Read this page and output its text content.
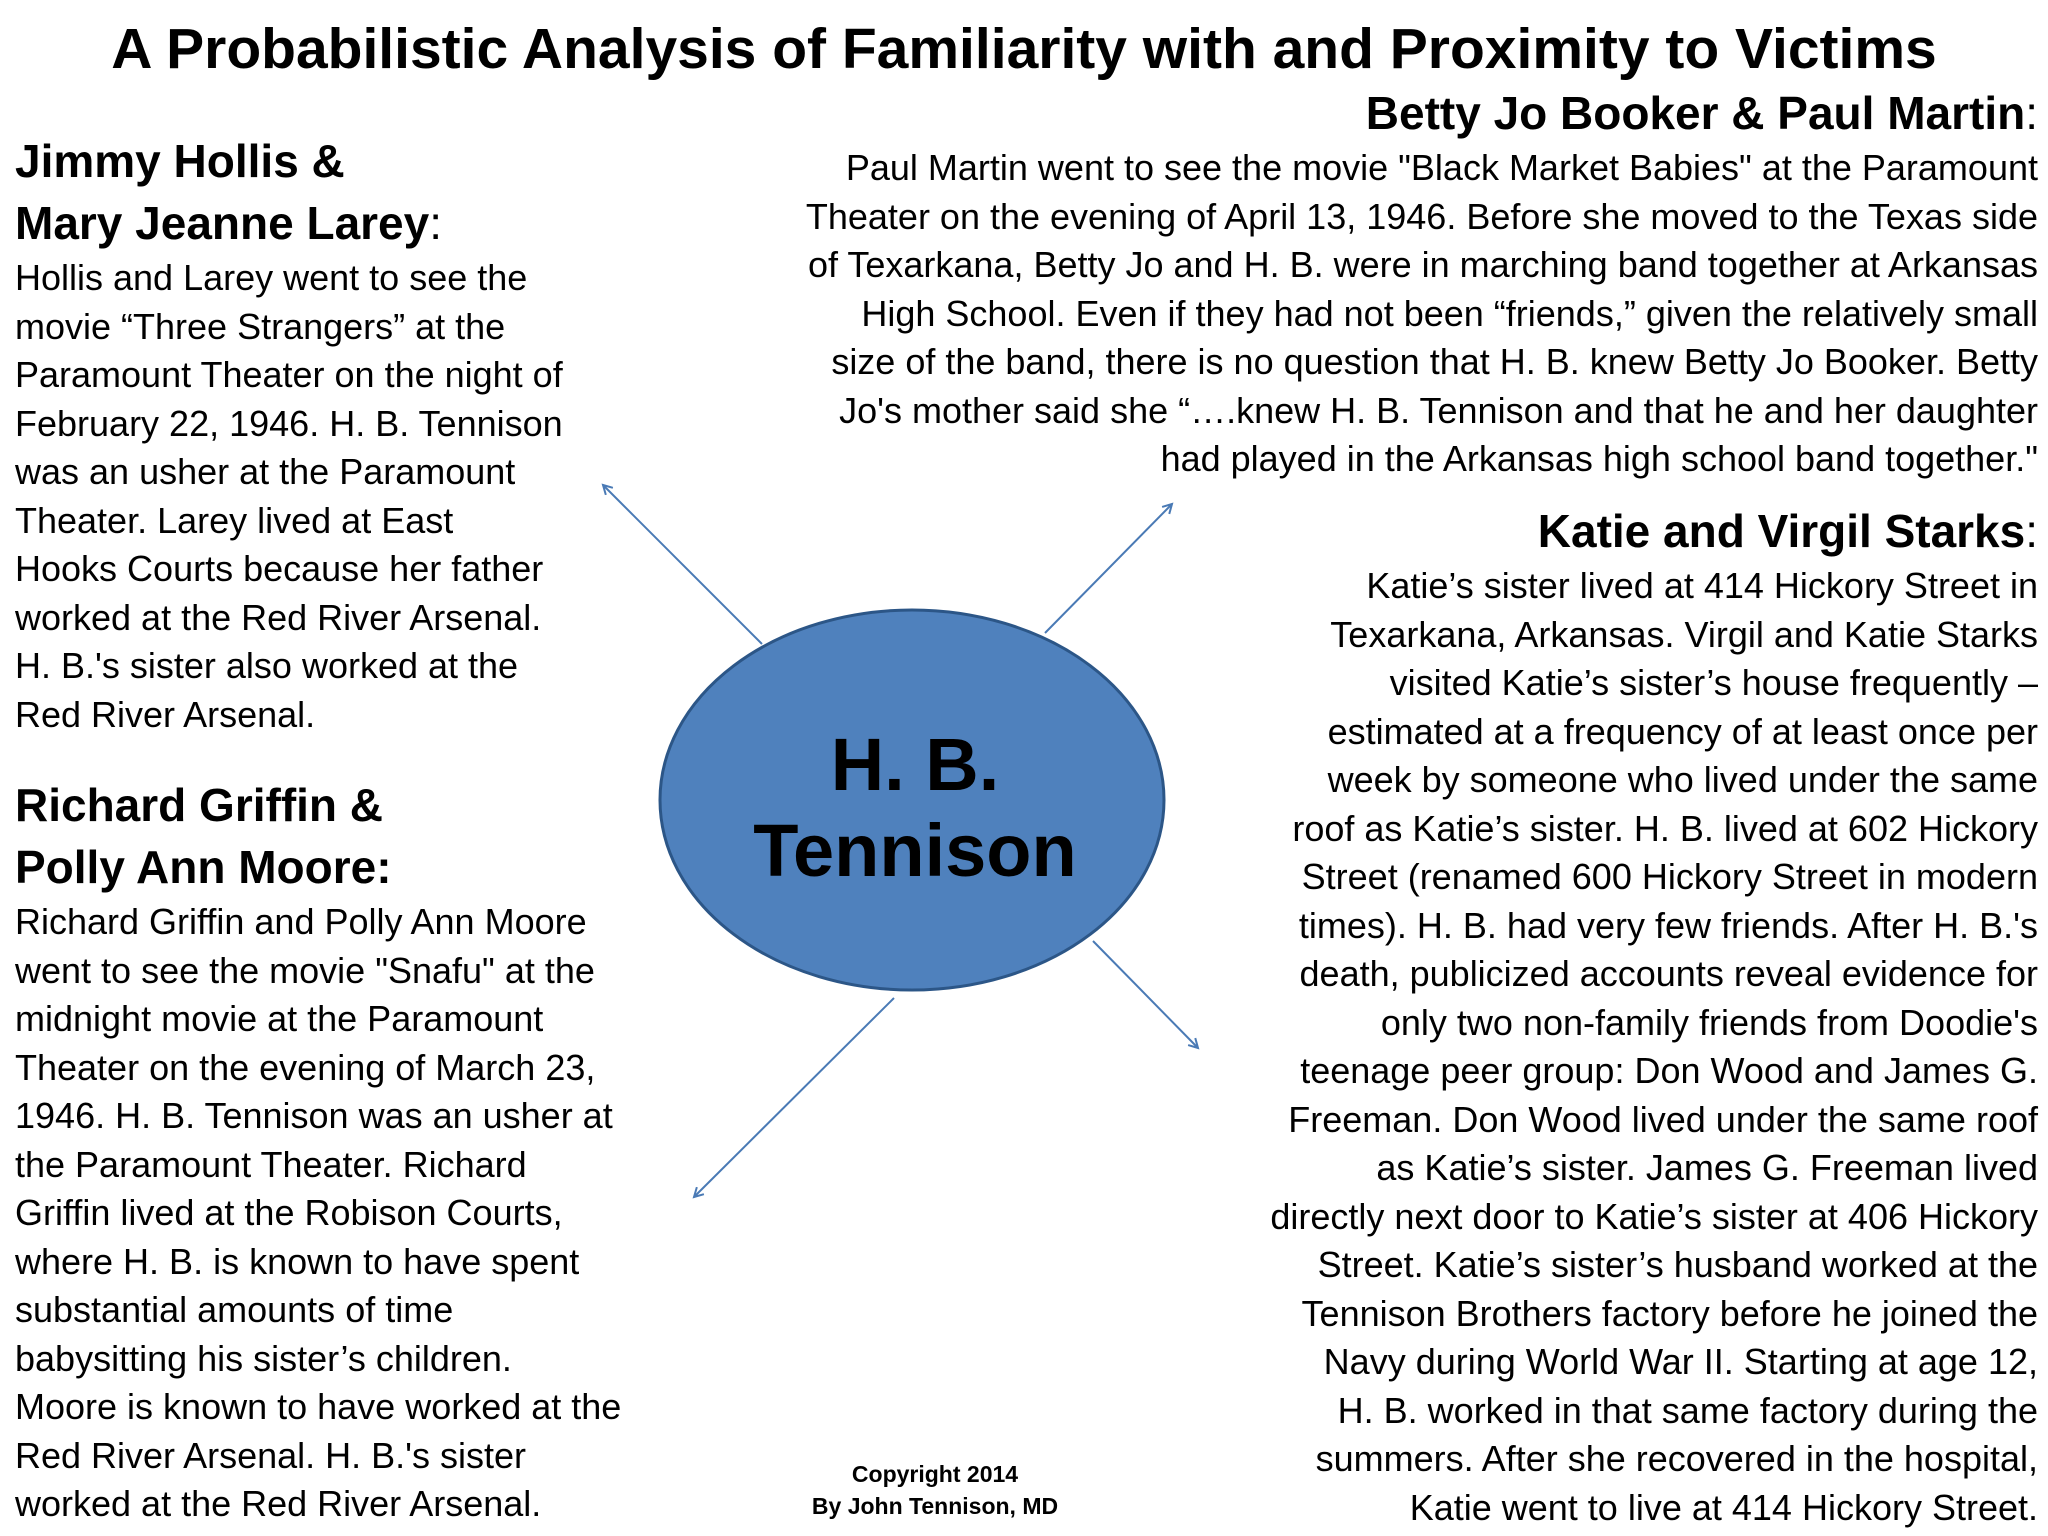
A Probabilistic Analysis of Familiarity with and Proximity to Victims
Jimmy Hollis &
Mary Jeanne Larey:

Hollis and Larey went to see the

movie “Three Strangers” at the

Paramount Theater on the night of

February 22, 1946. H. B. Tennison

was an usher at the Paramount

Theater. Larey lived at East

Hooks Courts because her father

worked at the Red River Arsenal.

H. B.'s sister also worked at the

Red River Arsenal.

Richard Griffin &
Polly Ann Moore:

Richard Griffin and Polly Ann Moore

went to see the movie "Snafu" at the

midnight movie at the Paramount

Theater on the evening of March 23,

1946. H. B. Tennison was an usher at

the Paramount Theater. Richard

Griffin lived at the Robison Courts,

where H. B. is known to have spent

substantial amounts of time

babysitting his sister’s children.

Moore is known to have worked at the

Red River Arsenal. H. B.'s sister

worked at the Red River Arsenal.

Betty Jo Booker & Paul Martin:

Paul Martin went to see the movie "Black Market Babies" at the Paramount

Theater on the evening of April 13, 1946. Before she moved to the Texas side

of Texarkana, Betty Jo and H. B. were in marching band together at Arkansas

High School. Even if they had not been “friends,” given the relatively small

size of the band, there is no question that H. B. knew Betty Jo Booker. Betty

Jo's mother said she “….knew H. B. Tennison and that he and her daughter

had played in the Arkansas high school band together."

Katie and Virgil Starks:

Katie’s sister lived at 414 Hickory Street in

Texarkana, Arkansas. Virgil and Katie Starks

visited Katie’s sister’s house frequently –

estimated at a frequency of at least once per

week by someone who lived under the same

roof as Katie’s sister. H. B. lived at 602 Hickory

Street (renamed 600 Hickory Street in modern

times). H. B. had very few friends. After H. B.'s

death, publicized accounts reveal evidence for

only two non-family friends from Doodie's

teenage peer group: Don Wood and James G.

Freeman. Don Wood lived under the same roof

as Katie’s sister. James G. Freeman lived

directly next door to Katie’s sister at 406 Hickory

Street. Katie’s sister’s husband worked at the

Tennison Brothers factory before he joined the

Navy during World War II. Starting at age 12,

H. B. worked in that same factory during the

summers. After she recovered in the hospital,

Katie went to live at 414 Hickory Street.

H. B.
Tennison
Copyright 2014
By John Tennison, MD
